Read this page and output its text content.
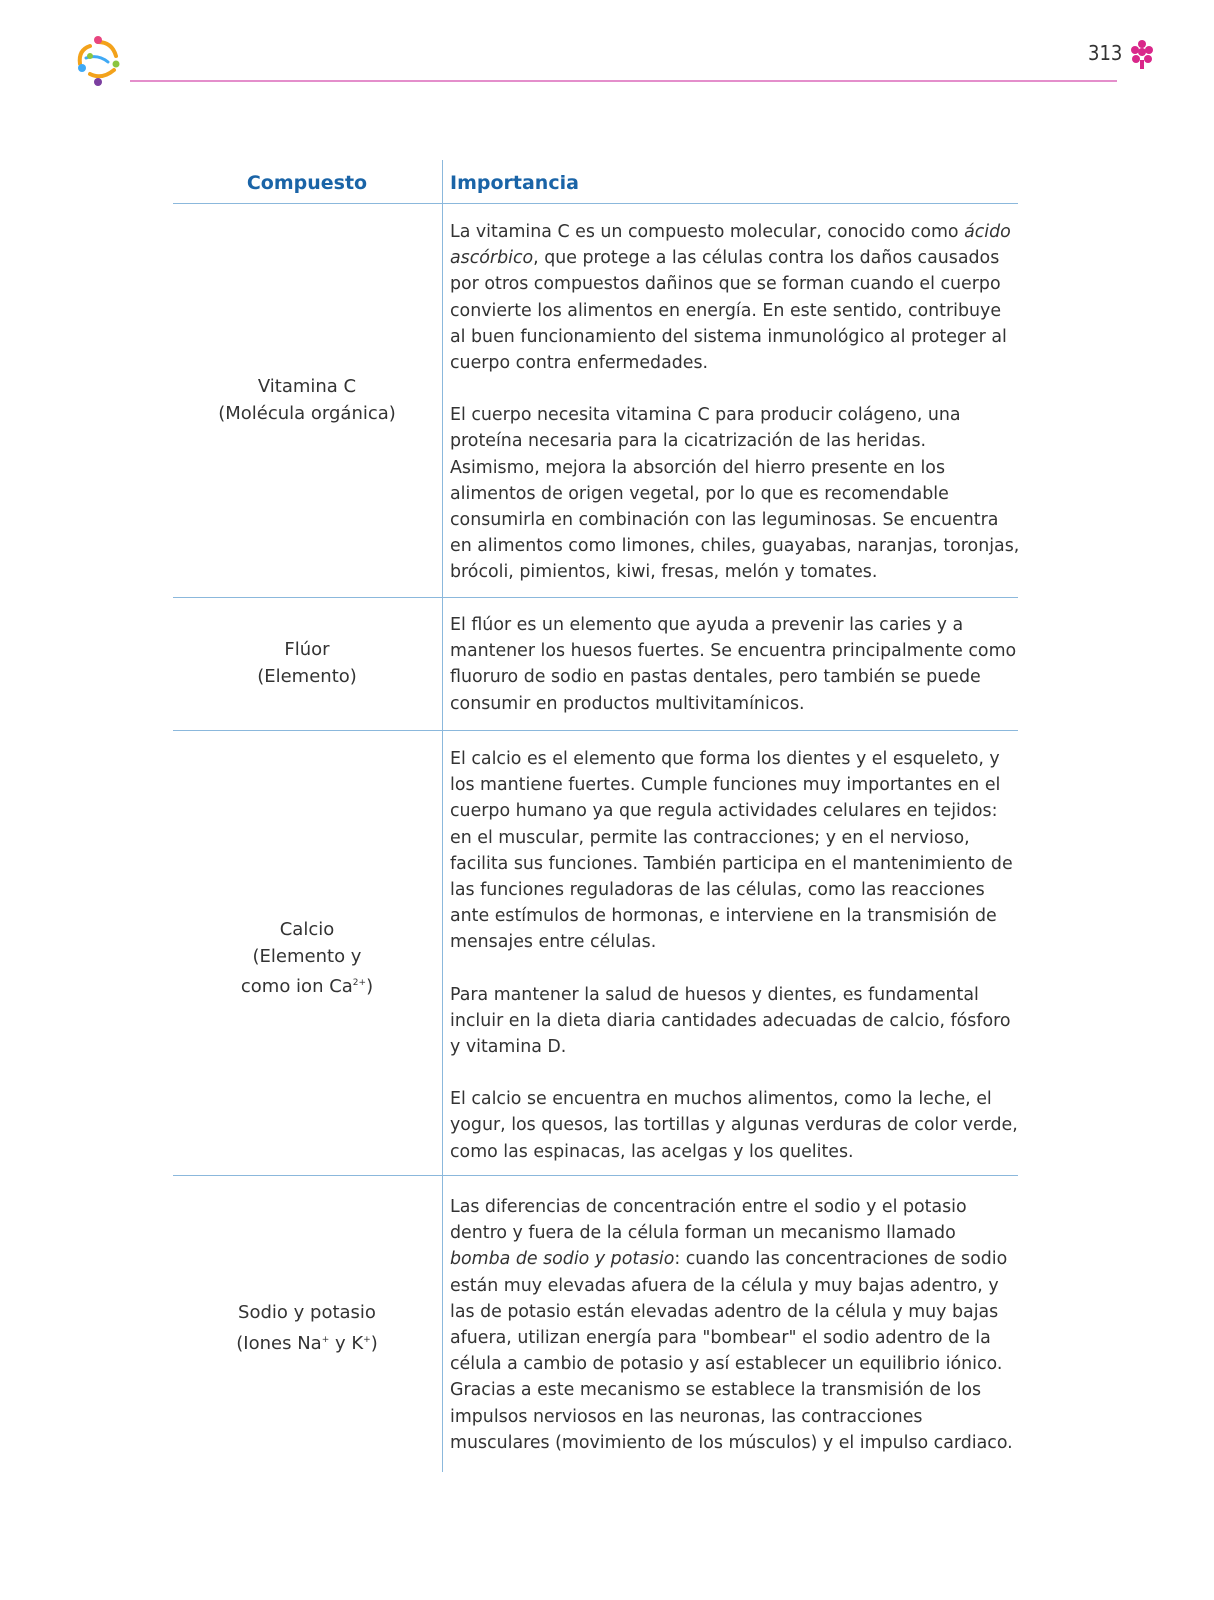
313
Compuesto	Importancia
Vitamina C
(Molécula orgánica)

La vitamina C es un compuesto molecular, conocido como ácido ascórbico, que protege a las células contra los daños causados por otros compuestos dañinos que se forman cuando el cuerpo convierte los alimentos en energía. En este sentido, contribuye al buen funcionamiento del sistema inmunológico al proteger al cuerpo contra enfermedades.

El cuerpo necesita vitamina C para producir colágeno, una proteína necesaria para la cicatrización de las heridas. Asimismo, mejora la absorción del hierro presente en los alimentos de origen vegetal, por lo que es recomendable consumirla en combinación con las leguminosas. Se encuentra en alimentos como limones, chiles, guayabas, naranjas, toronjas, brócoli, pimientos, kiwi, fresas, melón y tomates.

Flúor
(Elemento)

El flúor es un elemento que ayuda a prevenir las caries y a mantener los huesos fuertes. Se encuentra principalmente como fluoruro de sodio en pastas dentales, pero también se puede consumir en productos multivitamínicos.

Calcio
(Elemento y
como ion $Ca^{2+}$)

El calcio es el elemento que forma los dientes y el esqueleto, y los mantiene fuertes. Cumple funciones muy importantes en el cuerpo humano ya que regula actividades celulares en tejidos: en el muscular, permite las contracciones; y en el nervioso, facilita sus funciones. También participa en el mantenimiento de las funciones reguladoras de las células, como las reacciones ante estímulos de hormonas, e interviene en la transmisión de mensajes entre células.

Para mantener la salud de huesos y dientes, es fundamental incluir en la dieta diaria cantidades adecuadas de calcio, fósforo y vitamina D.

El calcio se encuentra en muchos alimentos, como la leche, el yogur, los quesos, las tortillas y algunas verduras de color verde, como las espinacas, las acelgas y los quelites.

Sodio y potasio
(Iones Na+ y K+)

Las diferencias de concentración entre el sodio y el potasio dentro y fuera de la célula forman un mecanismo llamado bomba de sodio y potasio: cuando las concentraciones de sodio están muy elevadas afuera de la célula y muy bajas adentro, y las de potasio están elevadas adentro de la célula y muy bajas afuera, utilizan energía para "bombear" el sodio adentro de la célula a cambio de potasio y así establecer un equilibrio iónico. Gracias a este mecanismo se establece la transmisión de los impulsos nerviosos en las neuronas, las contracciones musculares (movimiento de los músculos) y el impulso cardiaco.
